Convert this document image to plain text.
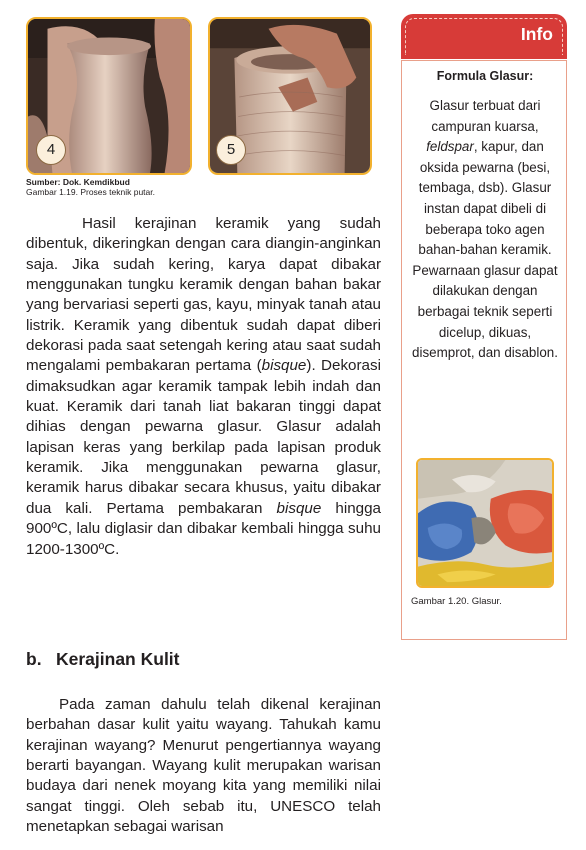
4	5
Sumber: Dok. Kemdikbud
Gambar 1.19. Proses teknik putar.

Hasil kerajinan keramik yang sudah dibentuk, dikeringkan dengan cara diangin-anginkan saja. Jika sudah kering, karya dapat dibakar menggunakan tungku keramik dengan bahan bakar yang bervariasi seperti gas, kayu, minyak tanah atau listrik. Keramik yang dibentuk sudah dapat diberi dekorasi pada saat setengah kering atau saat sudah mengalami pembakaran pertama (bisque). Dekorasi dimaksudkan agar keramik tampak lebih indah dan kuat. Keramik dari tanah liat bakaran tinggi dapat dihias dengan pewarna glasur. Glasur adalah lapisan keras yang berkilap pada lapisan produk keramik. Jika menggunakan pewarna glasur, keramik harus dibakar secara khusus, yaitu dibakar dua kali. Pertama pembakaran bisque hingga 900ºC, lalu diglasir dan dibakar kembali hingga suhu 1200-1300ºC.

b. Kerajinan Kulit

Pada zaman dahulu telah dikenal kerajinan berbahan dasar kulit yaitu wayang. Tahukah kamu kerajinan wayang? Menurut pengertiannya wayang berarti bayangan. Wayang kulit merupakan warisan budaya dari nenek moyang kita yang memiliki nilai sangat tinggi. Oleh sebab itu, UNESCO telah menetapkan sebagai warisan

Info
Formula Glasur:
Glasur terbuat dari campuran kuarsa, feldspar, kapur, dan oksida pewarna (besi, tembaga, dsb). Glasur instan dapat dibeli di beberapa toko agen bahan-bahan keramik. Pewarnaan glasur dapat dilakukan dengan berbagai teknik seperti dicelup, dikuas, disemprot, dan disablon.
Gambar 1.20. Glasur.
